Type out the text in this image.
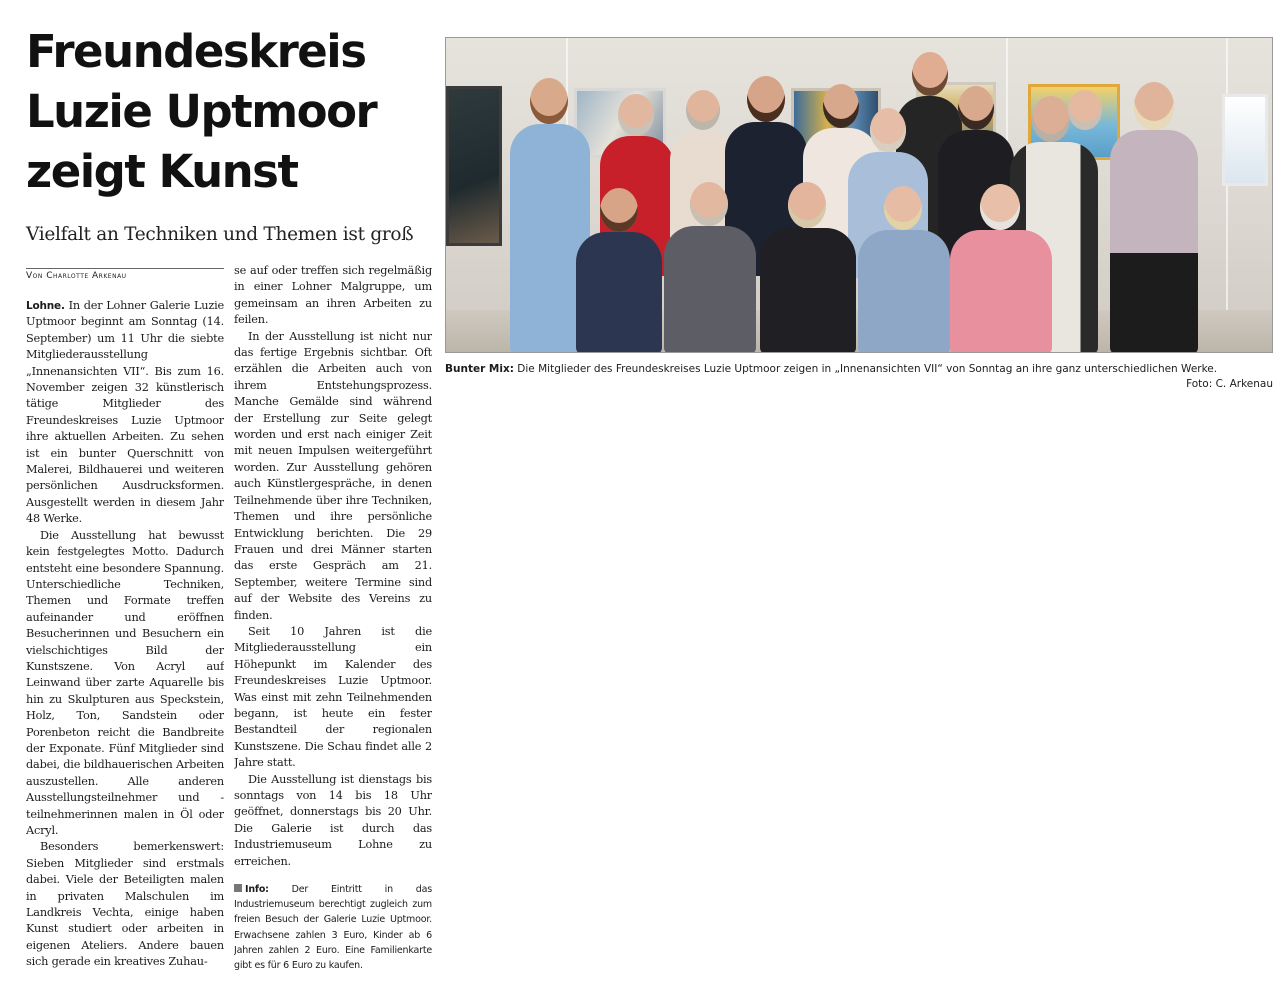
Freundeskreis
Luzie Uptmoor
zeigt Kunst
Vielfalt an Techniken und Themen ist groß
Von Charlotte Arkenau

Lohne. In der Lohner Galerie Luzie Uptmoor beginnt am Sonntag (14. September) um 11 Uhr die siebte Mitgliederausstellung „Innenansichten VII“. Bis zum 16. November zeigen 32 künstlerisch tätige Mitglieder des Freundeskreises Luzie Uptmoor ihre aktuellen Arbeiten. Zu sehen ist ein bunter Querschnitt von Malerei, Bildhauerei und weiteren persönlichen Ausdrucksformen. Ausgestellt werden in diesem Jahr 48 Werke.

Die Ausstellung hat bewusst kein festgelegtes Motto. Dadurch entsteht eine besondere Spannung. Unterschiedliche Techniken, Themen und Formate treffen aufeinander und eröffnen Besucherinnen und Besuchern ein vielschichtiges Bild der Kunstszene. Von Acryl auf Leinwand über zarte Aquarelle bis hin zu Skulpturen aus Speckstein, Holz, Ton, Sandstein oder Porenbeton reicht die Bandbreite der Exponate. Fünf Mitglieder sind dabei, die bildhauerischen Arbeiten auszustellen. Alle anderen Ausstellungsteilnehmer und -teilnehmerinnen malen in Öl oder Acryl.

Besonders bemerkenswert: Sieben Mitglieder sind erstmals dabei. Viele der Beteiligten malen in privaten Malschulen im Landkreis Vechta, einige haben Kunst studiert oder arbeiten in eigenen Ateliers. Andere bauen sich gerade ein kreatives Zuhau-

se auf oder treffen sich regelmäßig in einer Lohner Malgruppe, um gemeinsam an ihren Arbeiten zu feilen.

In der Ausstellung ist nicht nur das fertige Ergebnis sichtbar. Oft erzählen die Arbeiten auch von ihrem Entstehungsprozess. Manche Gemälde sind während der Erstellung zur Seite gelegt worden und erst nach einiger Zeit mit neuen Impulsen weitergeführt worden. Zur Ausstellung gehören auch Künstlergespräche, in denen Teilnehmende über ihre Techniken, Themen und ihre persönliche Entwicklung berichten. Die 29 Frauen und drei Männer starten das erste Gespräch am 21. September, weitere Termine sind auf der Website des Vereins zu finden.

Seit 10 Jahren ist die Mitgliederausstellung ein Höhepunkt im Kalender des Freundeskreises Luzie Uptmoor. Was einst mit zehn Teilnehmenden begann, ist heute ein fester Bestandteil der regionalen Kunstszene. Die Schau findet alle 2 Jahre statt.

Die Ausstellung ist dienstags bis sonntags von 14 bis 18 Uhr geöffnet, donnerstags bis 20 Uhr. Die Galerie ist durch das Industriemuseum Lohne zu erreichen.

Info: Der Eintritt in das Industriemuseum berechtigt zugleich zum freien Besuch der Galerie Luzie Uptmoor. Erwachsene zahlen 3 Euro, Kinder ab 6 Jahren zahlen 2 Euro. Eine Familienkarte gibt es für 6 Euro zu kaufen.
Bunter Mix: Die Mitglieder des Freundeskreises Luzie Uptmoor zeigen in „Innenansichten VII“ von Sonntag an ihre ganz unterschiedlichen Werke.
Foto: C. Arkenau
